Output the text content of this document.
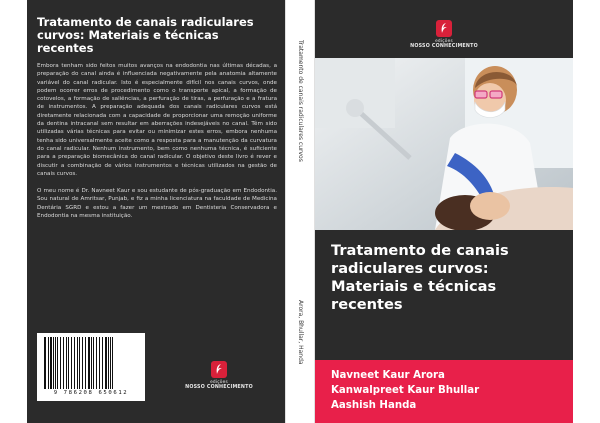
Tratamento de canais radiculares curvos: Materiais e técnicas recentes

Embora tenham sido feitos muitos avanços na endodontia nas últimas décadas, a preparação do canal ainda é influenciada negativamente pela anatomia altamente variável do canal radicular. Isto é especialmente difícil nos canais curvos, onde podem ocorrer erros de procedimento como o transporte apical, a formação de cotovelos, a formação de saliências, a perfuração de tiras, a perfuração e a fratura de instrumentos. A preparação adequada dos canais radiculares curvos está diretamente relacionada com a capacidade de proporcionar uma remoção uniforme da dentina intracanal sem resultar em aberrações indesejáveis no canal. Têm sido utilizadas várias técnicas para evitar ou minimizar estes erros, embora nenhuma tenha sido universalmente aceite como a resposta para a manutenção da curvatura do canal radicular. Nenhum instrumento, bem como nenhuma técnica, é suficiente para a preparação biomecânica do canal radicular. O objetivo deste livro é rever e discutir a combinação de vários instrumentos e técnicas utilizados na gestão de canais curvos.

O meu nome é Dr. Navneet Kaur e sou estudante de pós-graduação em Endodontia. Sou natural de Amritsar, Punjab, e fiz a minha licenciatura na faculdade de Medicina Dentária SGRD e estou a fazer um mestrado em Dentisteria Conservadora e Endodontia na mesma instituição.

9 786208 650612
edições
NOSSO CONHECIMENTO
Tratamento de canais radiculares curvos
Arora, Bhullar, Handa
edições
NOSSO CONHECIMENTO
Tratamento de canais radiculares curvos: Materiais e técnicas recentes
Navneet Kaur Arora
Kanwalpreet Kaur Bhullar
Aashish Handa
